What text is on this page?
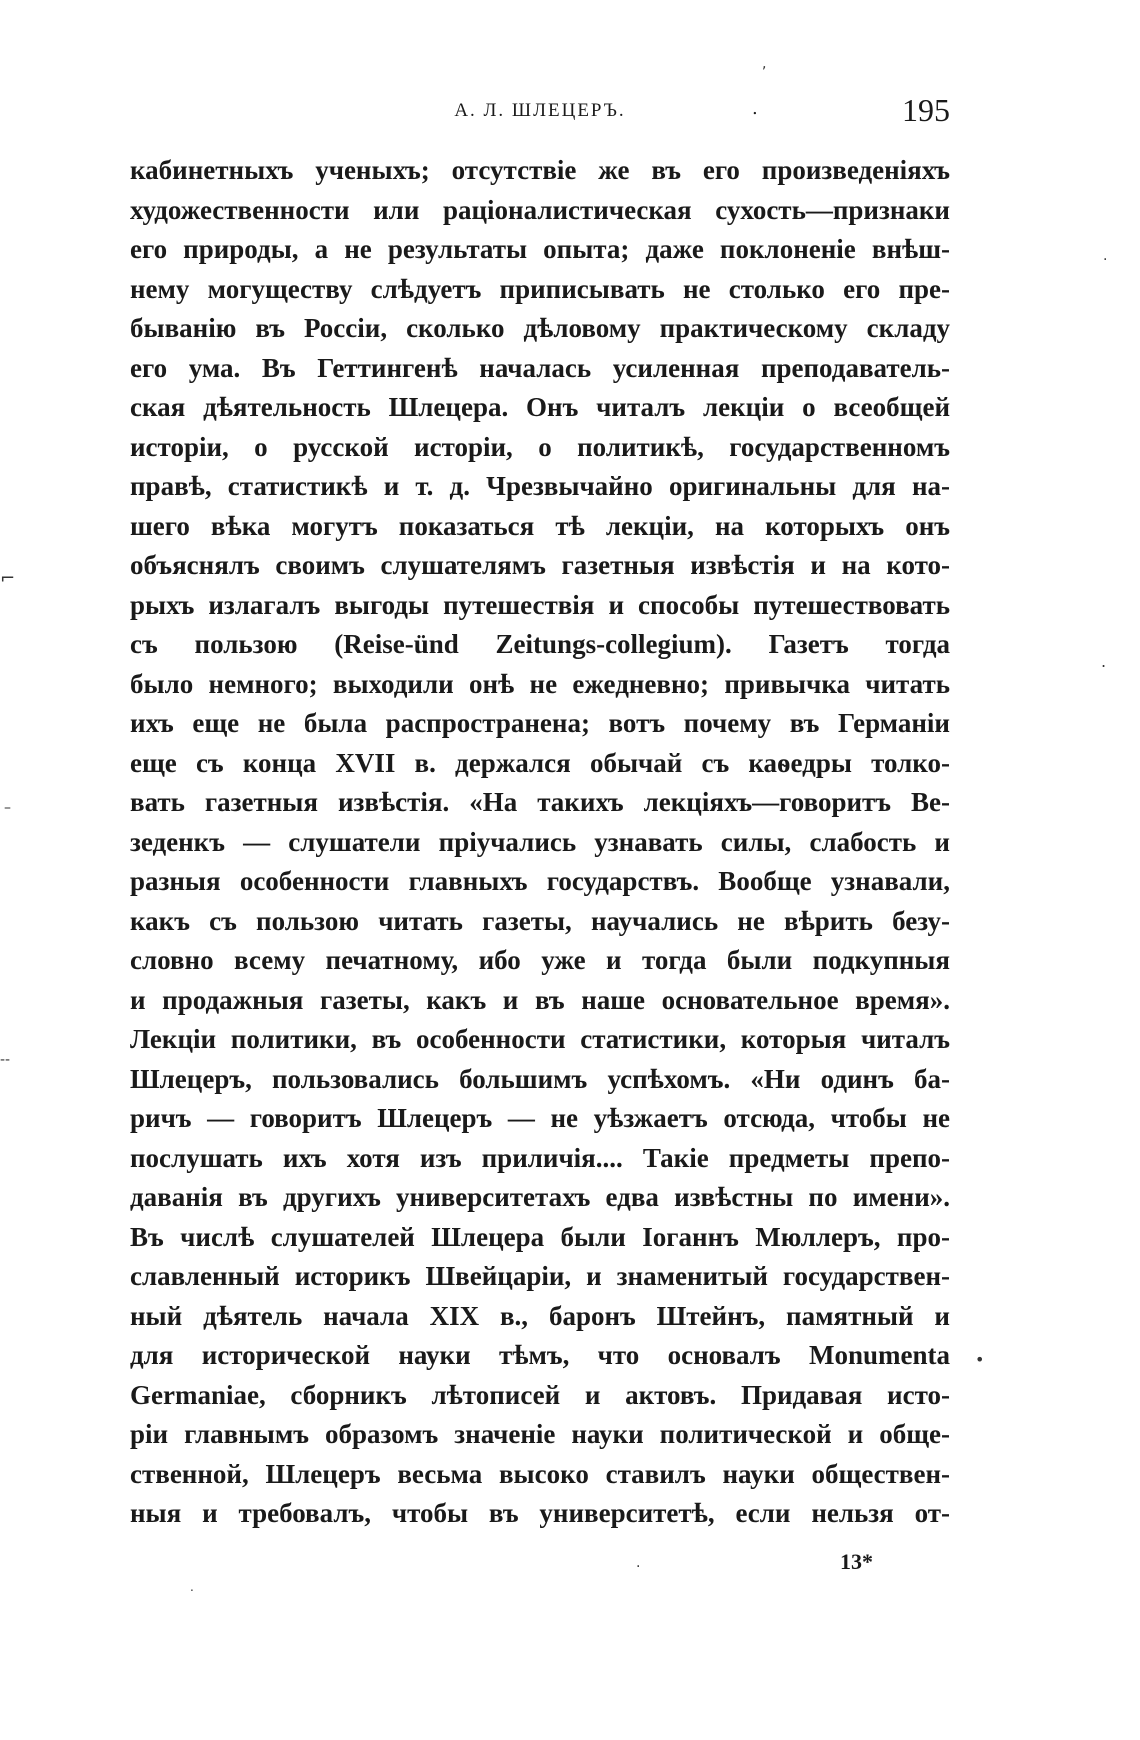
А. Л. ШЛЕЦЕРЪ.	.	195
кабинетныхъ ученыхъ; отсутствіе же въ его произведеніяхъ
художественности или раціоналистическая сухость—признаки
его природы, а не результаты опыта; даже поклоненіе внѣш-
нему могуществу слѣдуетъ приписывать не столько его пре-
быванію въ Россіи, сколько дѣловому практическому складу
его ума. Въ Геттингенѣ началась усиленная преподаватель-
ская дѣятельность Шлецера. Онъ читалъ лекціи о всеобщей
исторіи, о русской исторіи, о политикѣ, государственномъ
правѣ, статистикѣ и т. д. Чрезвычайно оригинальны для на-
шего вѣка могутъ показаться тѣ лекціи, на которыхъ онъ
объяснялъ своимъ слушателямъ газетныя извѣстія и на кото-
рыхъ излагалъ выгоды путешествія и способы путешествовать
съ пользою (Reise-ünd Zeitungs-collegium). Газетъ тогда
было немного; выходили онѣ не ежедневно; привычка читать
ихъ еще не была распространена; вотъ почему въ Германіи
еще съ конца XVII в. держался обычай съ каѳедры толко-
вать газетныя извѣстія. «На такихъ лекціяхъ—говоритъ Ве-
зеденкъ — слушатели пріучались узнавать силы, слабость и
разныя особенности главныхъ государствъ. Вообще узнавали,
какъ съ пользою читать газеты, научались не вѣрить безу-
словно всему печатному, ибо уже и тогда были подкупныя
и продажныя газеты, какъ и въ наше основательное время».
Лекціи политики, въ особенности статистики, которыя читалъ
Шлецеръ, пользовались большимъ успѣхомъ. «Ни одинъ ба-
ричъ — говоритъ Шлецеръ — не уѣзжаетъ отсюда, чтобы не
послушать ихъ хотя изъ приличія.... Такіе предметы препо-
даванія въ другихъ университетахъ едва извѣстны по имени».
Въ числѣ слушателей Шлецера были Іоганнъ Мюллеръ, про-
славленный историкъ Швейцаріи, и знаменитый государствен-
ный дѣятель начала XIX в., баронъ Штейнъ, памятный и
для исторической науки тѣмъ, что основалъ Monumenta
Germaniae, сборникъ лѣтописей и актовъ. Придавая исто-
ріи главнымъ образомъ значеніе науки политической и обще-
ственной, Шлецеръ весьма высоко ставилъ науки обществен-
ныя и требовалъ, чтобы въ университетѣ, если нельзя от-
13*
⌐
–
--
,
.
.
•
.
.
